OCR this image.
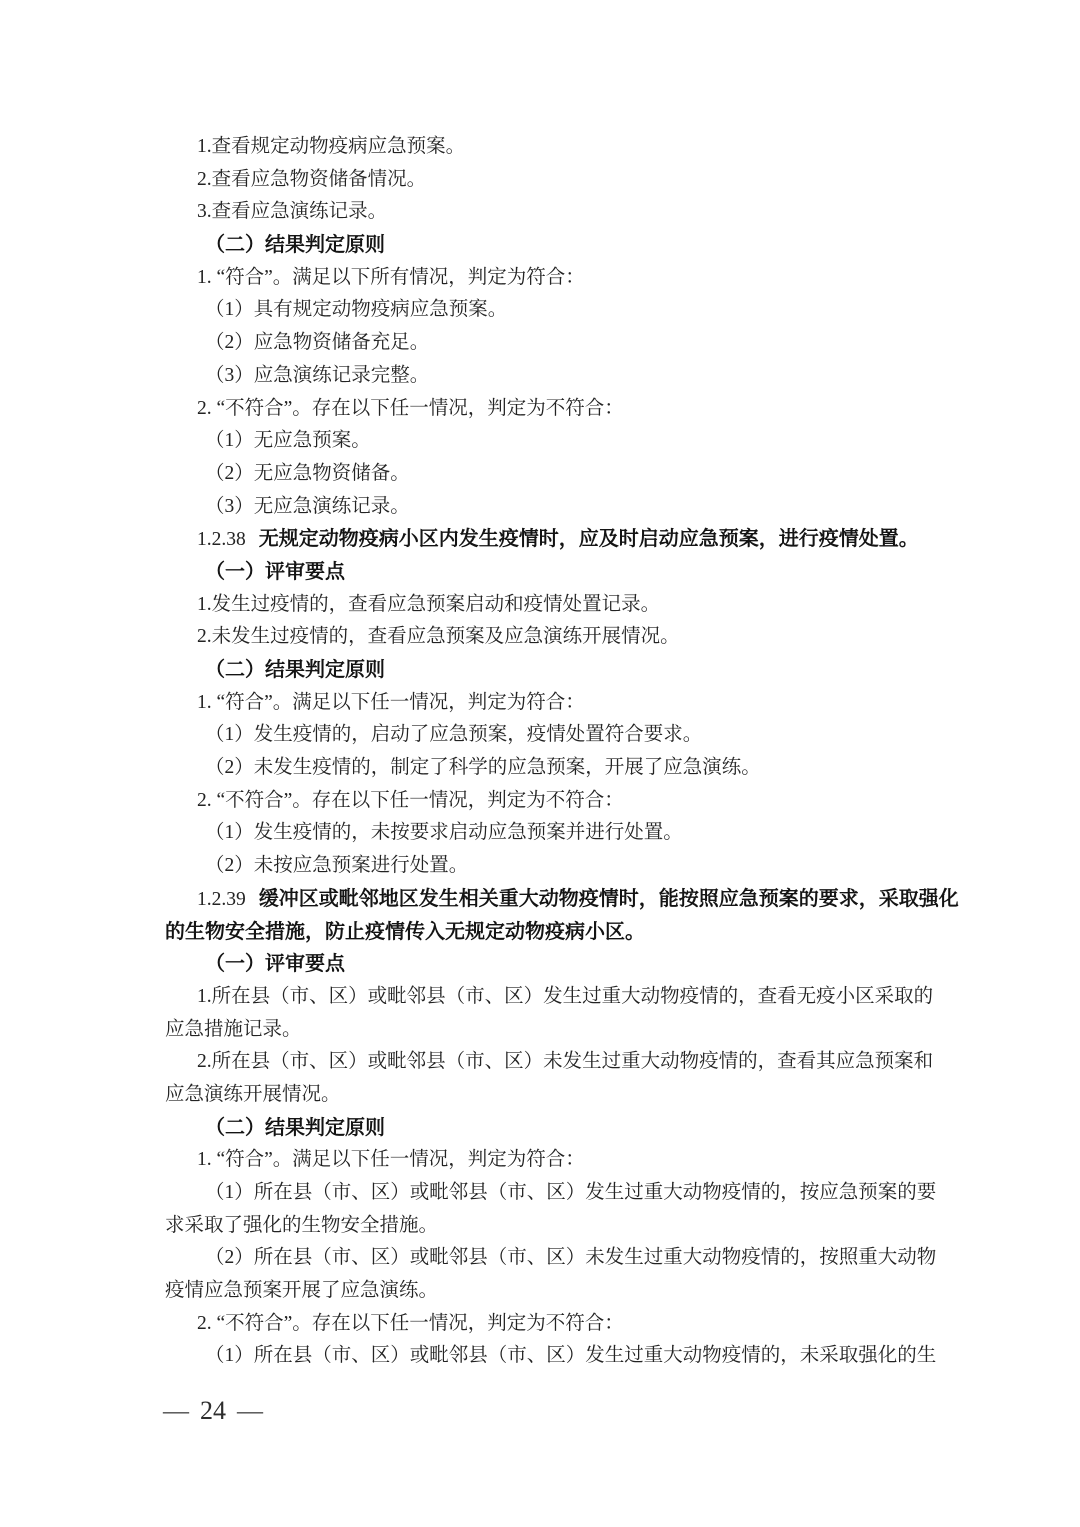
1.查看规定动物疫病应急预案。
2.查看应急物资储备情况。
3.查看应急演练记录。
（二）结果判定原则
1. “符合”。满足以下所有情况，判定为符合：
（1）具有规定动物疫病应急预案。
（2）应急物资储备充足。
（3）应急演练记录完整。
2. “不符合”。存在以下任一情况，判定为不符合：
（1）无应急预案。
（2）无应急物资储备。
（3）无应急演练记录。
1.2.38 无规定动物疫病小区内发生疫情时，应及时启动应急预案，进行疫情处置。
（一）评审要点
1.发生过疫情的，查看应急预案启动和疫情处置记录。
2.未发生过疫情的，查看应急预案及应急演练开展情况。
（二）结果判定原则
1. “符合”。满足以下任一情况，判定为符合：
（1）发生疫情的，启动了应急预案，疫情处置符合要求。
（2）未发生疫情的，制定了科学的应急预案，开展了应急演练。
2. “不符合”。存在以下任一情况，判定为不符合：
（1）发生疫情的，未按要求启动应急预案并进行处置。
（2）未按应急预案进行处置。
1.2.39 缓冲区或毗邻地区发生相关重大动物疫情时，能按照应急预案的要求，采取强化
的生物安全措施，防止疫情传入无规定动物疫病小区。
（一）评审要点
1.所在县（市、区）或毗邻县（市、区）发生过重大动物疫情的，查看无疫小区采取的
应急措施记录。
2.所在县（市、区）或毗邻县（市、区）未发生过重大动物疫情的，查看其应急预案和
应急演练开展情况。
（二）结果判定原则
1. “符合”。满足以下任一情况，判定为符合：
（1）所在县（市、区）或毗邻县（市、区）发生过重大动物疫情的，按应急预案的要
求采取了强化的生物安全措施。
（2）所在县（市、区）或毗邻县（市、区）未发生过重大动物疫情的，按照重大动物
疫情应急预案开展了应急演练。
2. “不符合”。存在以下任一情况，判定为不符合：
（1）所在县（市、区）或毗邻县（市、区）发生过重大动物疫情的，未采取强化的生
— 24 —
